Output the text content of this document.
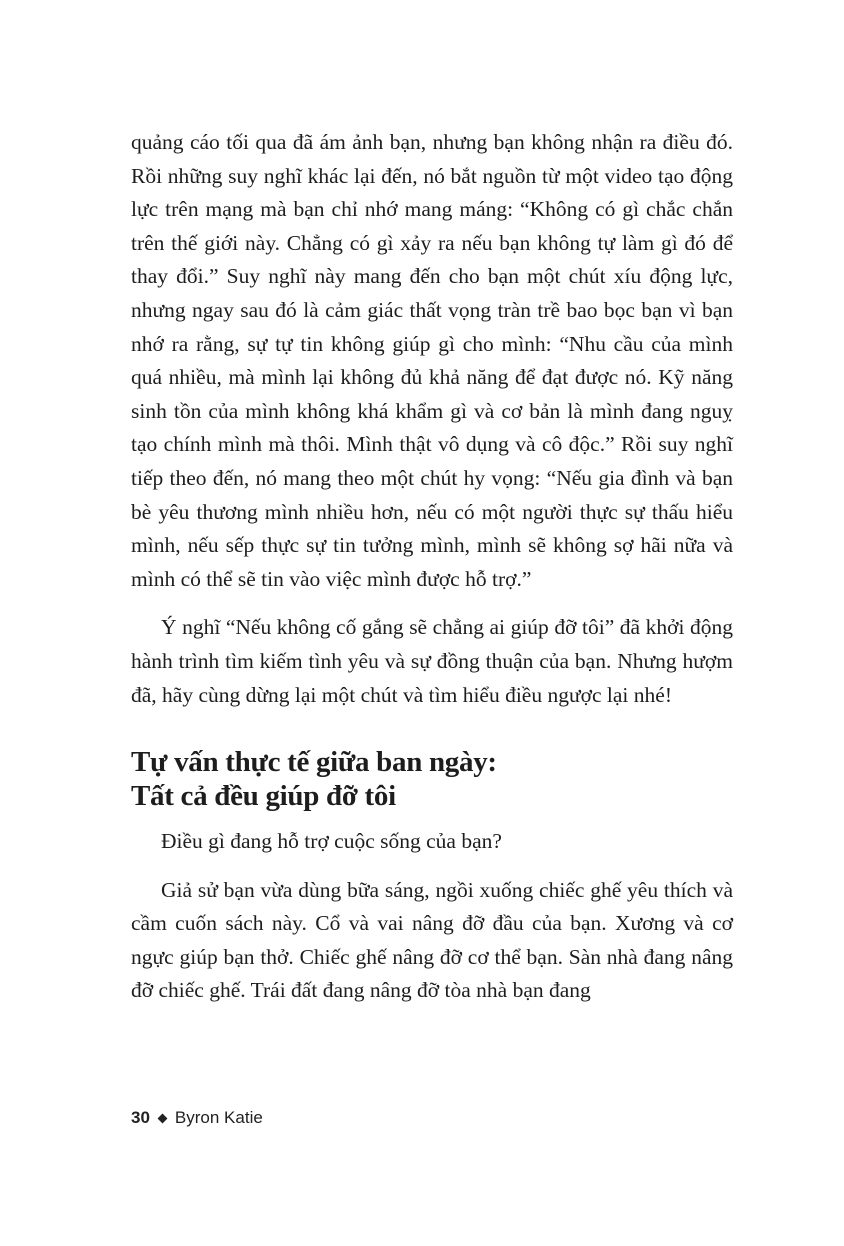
quảng cáo tối qua đã ám ảnh bạn, nhưng bạn không nhận ra điều đó. Rồi những suy nghĩ khác lại đến, nó bắt nguồn từ một video tạo động lực trên mạng mà bạn chỉ nhớ mang máng: “Không có gì chắc chắn trên thế giới này. Chẳng có gì xảy ra nếu bạn không tự làm gì đó để thay đổi.” Suy nghĩ này mang đến cho bạn một chút xíu động lực, nhưng ngay sau đó là cảm giác thất vọng tràn trề bao bọc bạn vì bạn nhớ ra rằng, sự tự tin không giúp gì cho mình: “Nhu cầu của mình quá nhiều, mà mình lại không đủ khả năng để đạt được nó. Kỹ năng sinh tồn của mình không khá khẩm gì và cơ bản là mình đang nguỵ tạo chính mình mà thôi. Mình thật vô dụng và cô độc.” Rồi suy nghĩ tiếp theo đến, nó mang theo một chút hy vọng: “Nếu gia đình và bạn bè yêu thương mình nhiều hơn, nếu có một người thực sự thấu hiểu mình, nếu sếp thực sự tin tưởng mình, mình sẽ không sợ hãi nữa và mình có thể sẽ tin vào việc mình được hỗ trợ.”

Ý nghĩ “Nếu không cố gắng sẽ chẳng ai giúp đỡ tôi” đã khởi động hành trình tìm kiếm tình yêu và sự đồng thuận của bạn. Nhưng hượm đã, hãy cùng dừng lại một chút và tìm hiểu điều ngược lại nhé!

Tự vấn thực tế giữa ban ngày:

Tất cả đều giúp đỡ tôi

Điều gì đang hỗ trợ cuộc sống của bạn?

Giả sử bạn vừa dùng bữa sáng, ngồi xuống chiếc ghế yêu thích và cầm cuốn sách này. Cổ và vai nâng đỡ đầu của bạn. Xương và cơ ngực giúp bạn thở. Chiếc ghế nâng đỡ cơ thể bạn. Sàn nhà đang nâng đỡ chiếc ghế. Trái đất đang nâng đỡ tòa nhà bạn đang

30 Byron Katie
